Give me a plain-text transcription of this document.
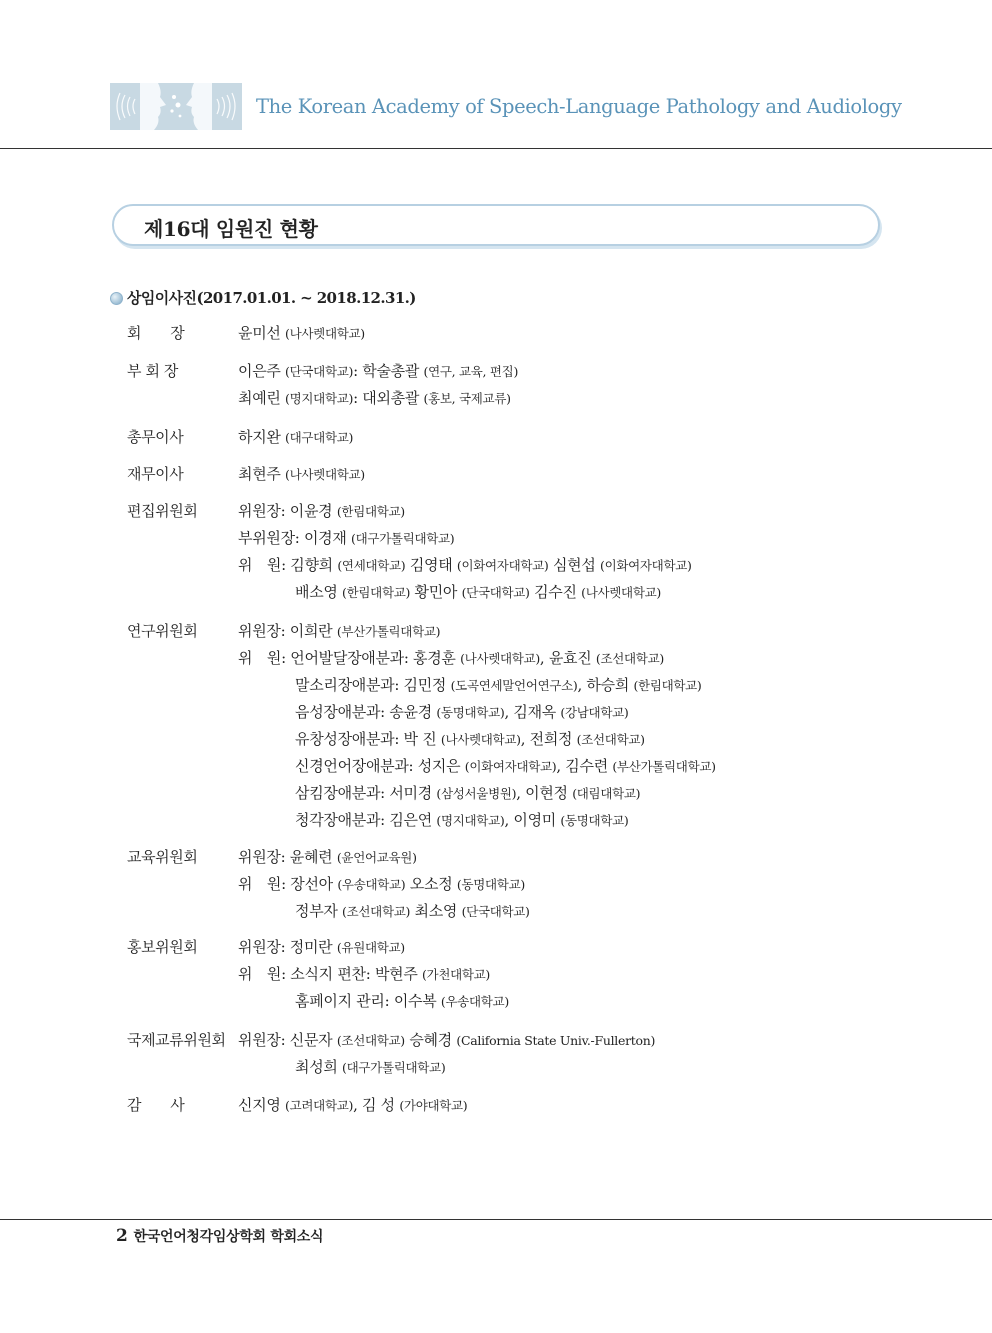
The Korean Academy of Speech-Language Pathology and Audiology
제16대 임원진 현황
상임이사진(2017.01.01. ~ 2018.12.31.)
회　　장	윤미선 (나사렛대학교)
부 회 장	이은주 (단국대학교): 학술총괄 (연구, 교육, 편집)
최예린 (명지대학교): 대외총괄 (홍보, 국제교류)
총무이사	하지완 (대구대학교)
재무이사	최현주 (나사렛대학교)
편집위원회	위원장: 이윤경 (한림대학교)
부위원장: 이경재 (대구가톨릭대학교)
위　원: 김향희 (연세대학교) 김영태 (이화여자대학교) 심현섭 (이화여자대학교)
배소영 (한림대학교) 황민아 (단국대학교) 김수진 (나사렛대학교)
연구위원회	위원장: 이희란 (부산가톨릭대학교)
위　원: 언어발달장애분과: 홍경훈 (나사렛대학교), 윤효진 (조선대학교)
말소리장애분과: 김민정 (도곡연세말언어연구소), 하승희 (한림대학교)
음성장애분과: 송윤경 (동명대학교), 김재옥 (강남대학교)
유창성장애분과: 박 진 (나사렛대학교), 전희정 (조선대학교)
신경언어장애분과: 성지은 (이화여자대학교), 김수련 (부산가톨릭대학교)
삼킴장애분과: 서미경 (삼성서울병원), 이현정 (대림대학교)
청각장애분과: 김은연 (명지대학교), 이영미 (동명대학교)
교육위원회	위원장: 윤혜련 (윤언어교육원)
위　원: 장선아 (우송대학교) 오소정 (동명대학교)
정부자 (조선대학교) 최소영 (단국대학교)
홍보위원회	위원장: 정미란 (유원대학교)
위　원: 소식지 편찬: 박현주 (가천대학교)
홈페이지 관리: 이수복 (우송대학교)
국제교류위원회 위원장: 신문자 (조선대학교) 승혜경 (California State Univ.-Fullerton)
최성희 (대구가톨릭대학교)
감　　사	신지영 (고려대학교), 김 성 (가야대학교)
2 한국언어청각임상학회 학회소식
